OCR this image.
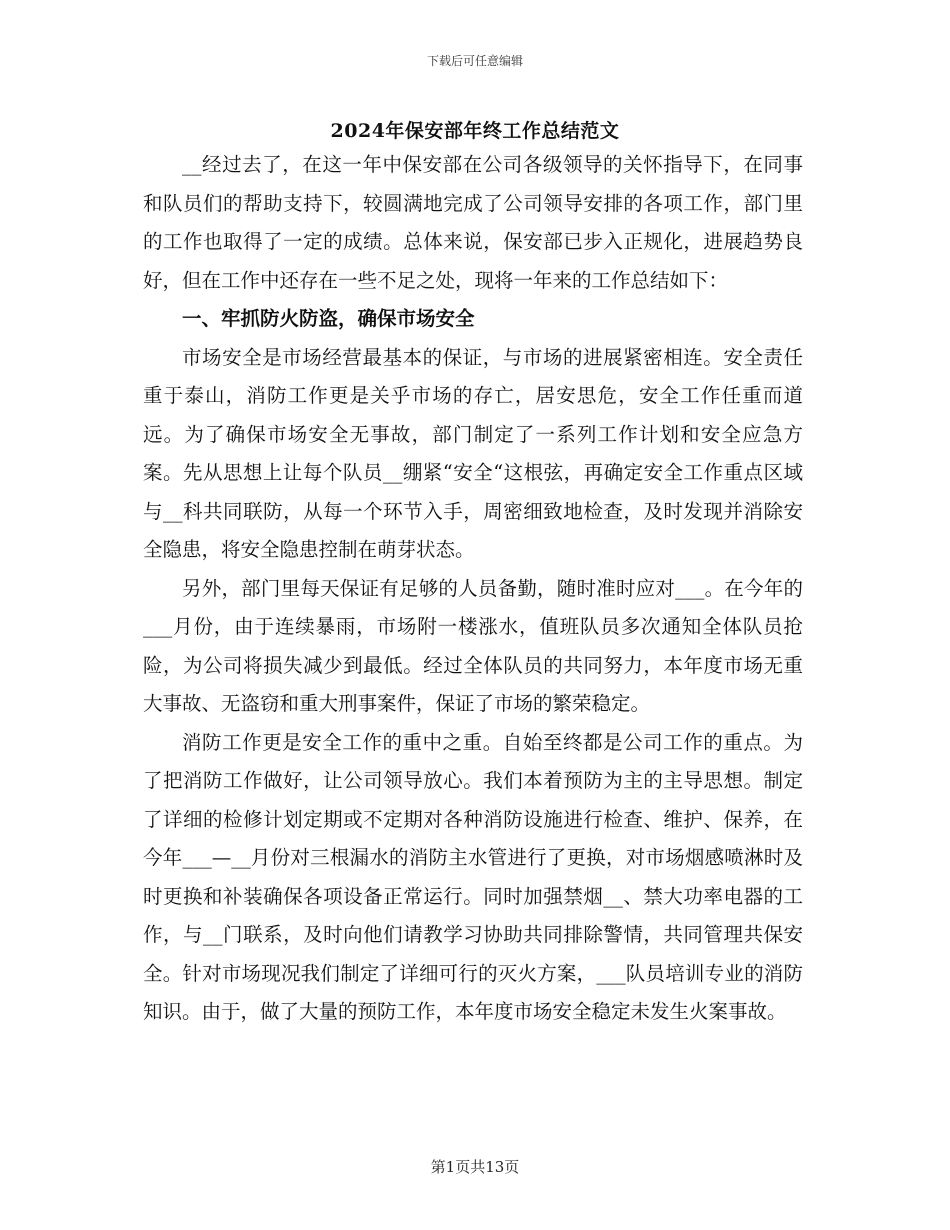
下载后可任意编辑
2024年保安部年终工作总结范文

__经过去了，在这一年中保安部在公司各级领导的关怀指导下，在同事和队员们的帮助支持下，较圆满地完成了公司领导安排的各项工作，部门里的工作也取得了一定的成绩。总体来说，保安部已步入正规化，进展趋势良好，但在工作中还存在一些不足之处，现将一年来的工作总结如下：

一、牢抓防火防盗，确保市场安全

市场安全是市场经营最基本的保证，与市场的进展紧密相连。安全责任重于泰山，消防工作更是关乎市场的存亡，居安思危，安全工作任重而道远。为了确保市场安全无事故，部门制定了一系列工作计划和安全应急方案。先从思想上让每个队员__绷紧“安全“这根弦，再确定安全工作重点区域与__科共同联防，从每一个环节入手，周密细致地检查，及时发现并消除安全隐患，将安全隐患控制在萌芽状态。

另外，部门里每天保证有足够的人员备勤，随时准时应对___。在今年的___月份，由于连续暴雨，市场附一楼涨水，值班队员多次通知全体队员抢险，为公司将损失减少到最低。经过全体队员的共同努力，本年度市场无重大事故、无盗窃和重大刑事案件，保证了市场的繁荣稳定。

消防工作更是安全工作的重中之重。自始至终都是公司工作的重点。为了把消防工作做好，让公司领导放心。我们本着预防为主的主导思想。制定了详细的检修计划定期或不定期对各种消防设施进行检查、维护、保养，在今年___—__月份对三根漏水的消防主水管进行了更换，对市场烟感喷淋时及时更换和补装确保各项设备正常运行。同时加强禁烟__、禁大功率电器的工作，与__门联系，及时向他们请教学习协助共同排除警情，共同管理共保安全。针对市场现况我们制定了详细可行的灭火方案，___队员培训专业的消防知识。由于，做了大量的预防工作，本年度市场安全稳定未发生火案事故。

第1页共13页
